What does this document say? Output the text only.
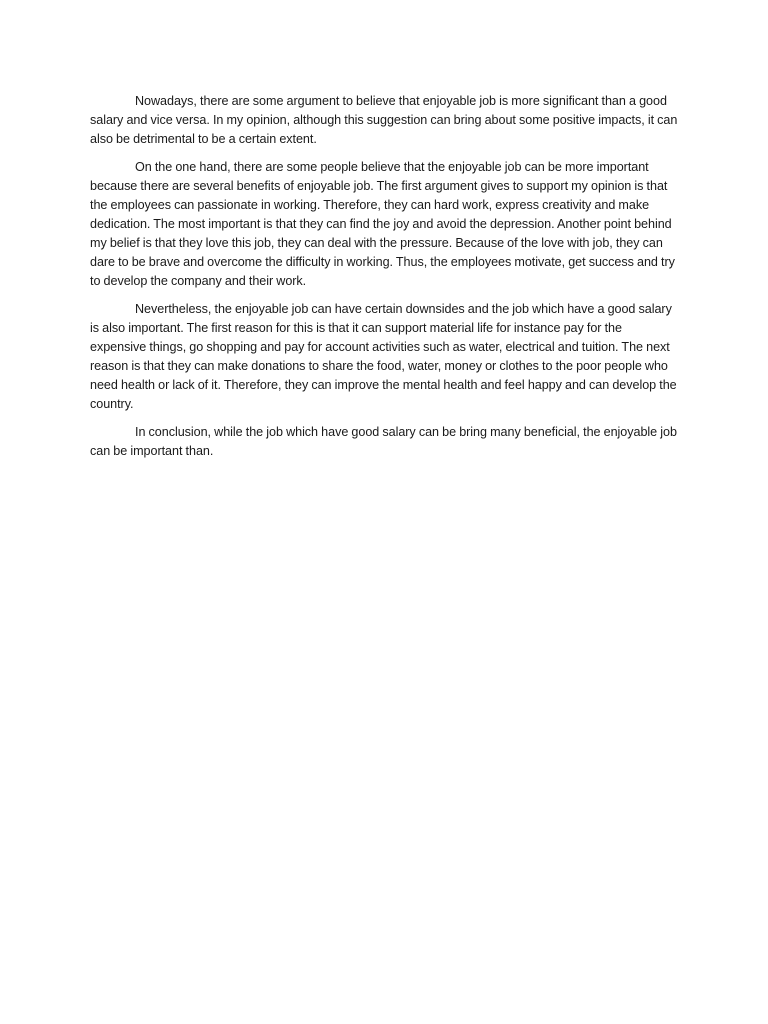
Nowadays, there are some argument to believe that enjoyable job is more significant than a good salary and vice versa. In my opinion, although this suggestion can bring about some positive impacts, it can also be detrimental to be a certain extent.

On the one hand, there are some people believe that the enjoyable job can be more important because there are several benefits of enjoyable job. The first argument gives to support my opinion is that the employees can passionate in working. Therefore, they can hard work, express creativity and make dedication. The most important is that they can find the joy and avoid the depression. Another point behind my belief is that they love this job, they can deal with the pressure. Because of the love with job, they can dare to be brave and overcome the difficulty in working. Thus, the employees motivate, get success and try to develop the company and their work.

Nevertheless, the enjoyable job can have certain downsides and the job which have a good salary is also important. The first reason for this is that it can support material life for instance pay for the expensive things, go shopping and pay for account activities such as water, electrical and tuition. The next reason is that they can make donations to share the food, water, money or clothes to the poor people who need health or lack of it. Therefore, they can improve the mental health and feel happy and can develop the country.

In conclusion, while the job which have good salary can be bring many beneficial, the enjoyable job can be important than.
